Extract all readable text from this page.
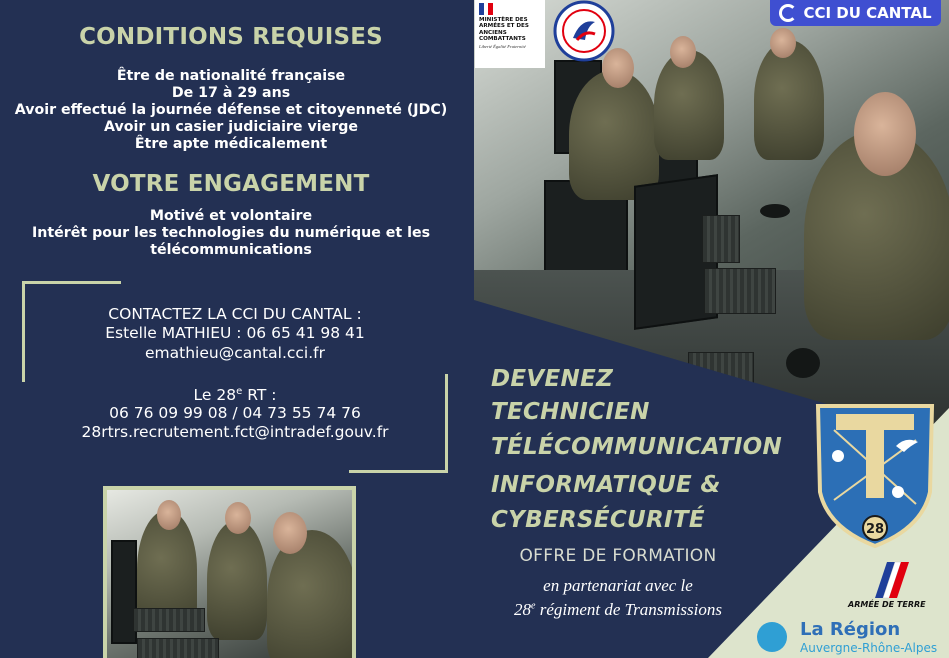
CONDITIONS REQUISES
Être de nationalité française
De 17 à 29 ans
Avoir effectué la journée défense et citoyenneté (JDC)
Avoir un casier judiciaire vierge
Être apte médicalement
VOTRE ENGAGEMENT
Motivé et volontaire
Intérêt pour les technologies du numérique et les
télécommunications
CONTACTEZ LA CCI DU CANTAL :
Estelle MATHIEU : 06 65 41 98 41
emathieu@cantal.cci.fr
Le 28e RT :
06 76 09 99 08 / 04 73 55 74 76
28rtrs.recrutement.fct@intradef.gouv.fr
DEVENEZ
TECHNICIEN
TÉLÉCOMMUNICATION
INFORMATIQUE &
CYBERSÉCURITÉ
OFFRE DE FORMATION
en partenariat avec le
28e régiment de Transmissions
MINISTÈRE DES ARMÉES ET DES ANCIENS COMBATTANTS
Liberté Égalité Fraternité
CCI DU CANTAL
28
ARMÉE DE TERRE
La Région
Auvergne-Rhône-Alpes
